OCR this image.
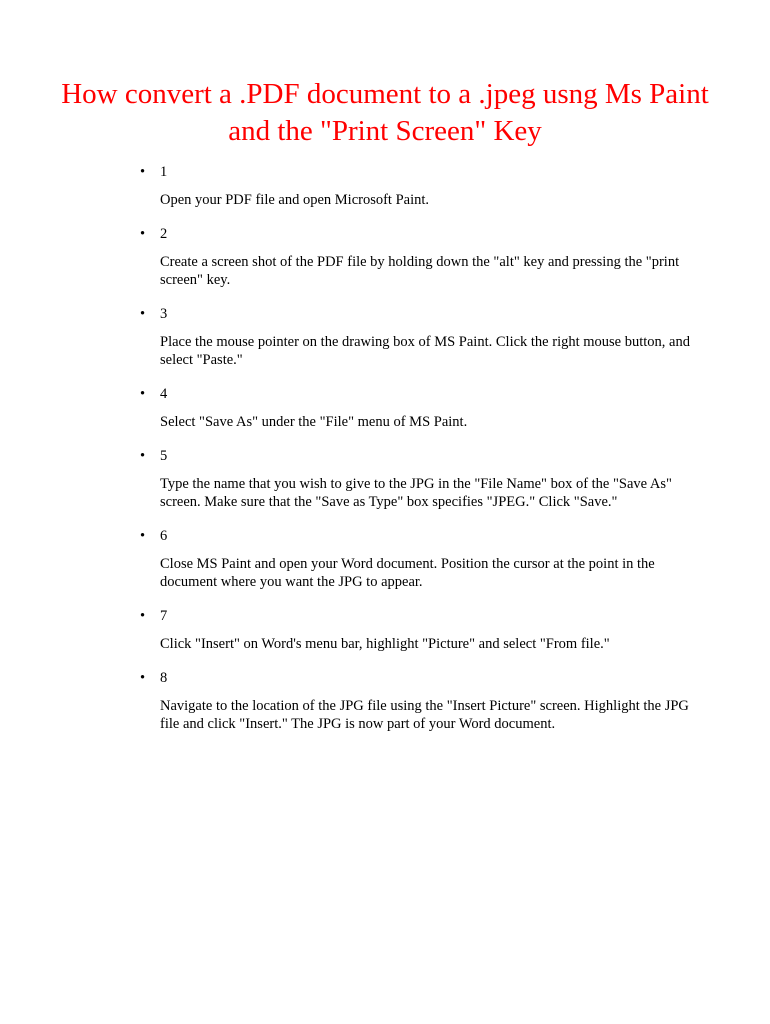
How convert a .PDF document to a .jpeg usng Ms Paint and the "Print Screen" Key
• 1

Open your PDF file and open Microsoft Paint.

• 2

Create a screen shot of the PDF file by holding down the "alt" key and pressing the "print screen" key.

• 3

Place the mouse pointer on the drawing box of MS Paint. Click the right mouse button, and select "Paste."

• 4

Select "Save As" under the "File" menu of MS Paint.

• 5

Type the name that you wish to give to the JPG in the "File Name" box of the "Save As" screen. Make sure that the "Save as Type" box specifies "JPEG." Click "Save."

• 6

Close MS Paint and open your Word document. Position the cursor at the point in the document where you want the JPG to appear.

• 7

Click "Insert" on Word's menu bar, highlight "Picture" and select "From file."

• 8

Navigate to the location of the JPG file using the "Insert Picture" screen. Highlight the JPG file and click "Insert." The JPG is now part of your Word document.
